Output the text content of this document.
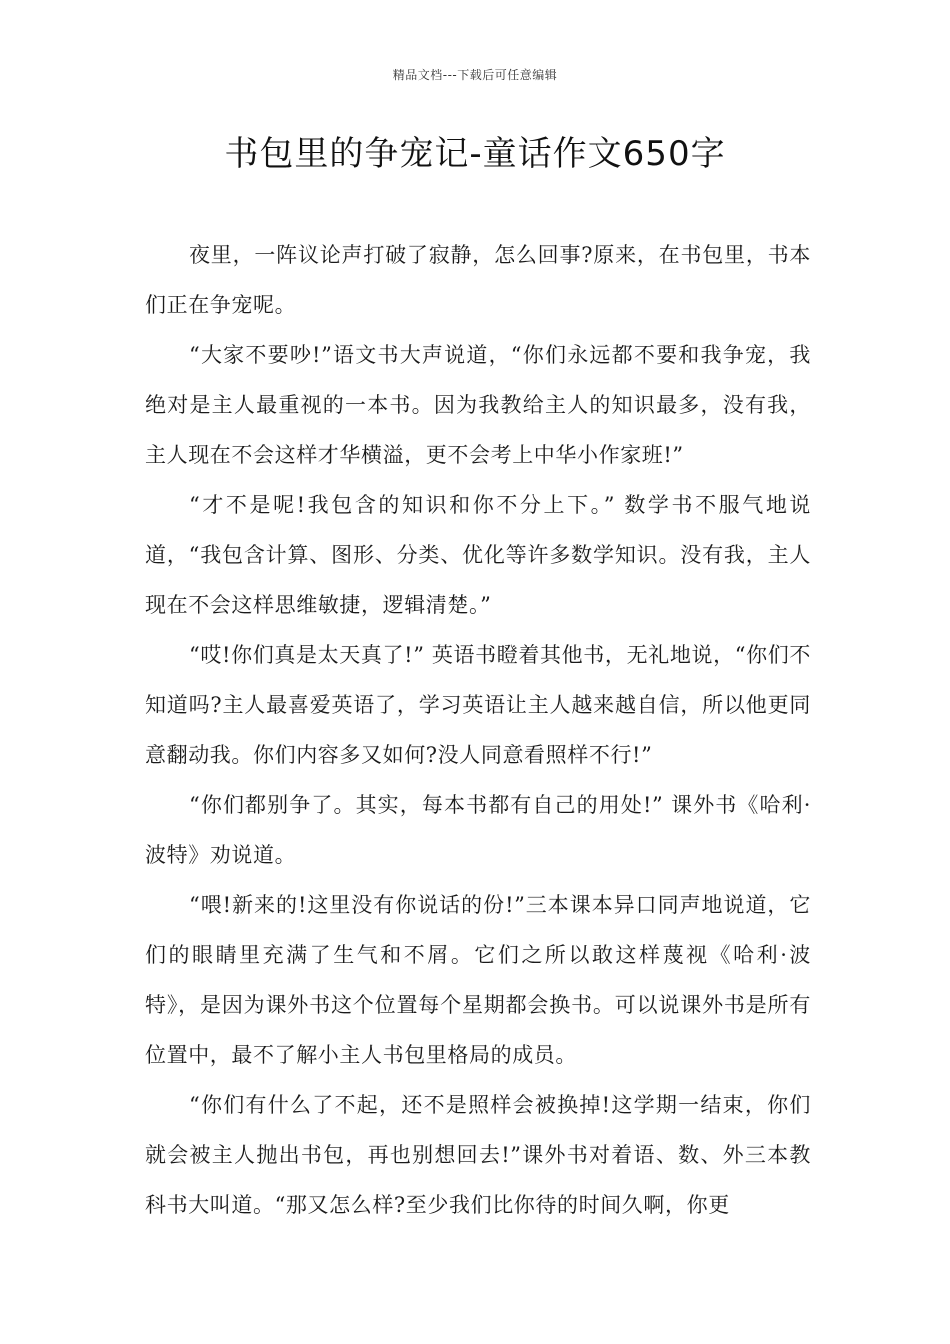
精品文档---下载后可任意编辑
书包里的争宠记-童话作文650字

夜里，一阵议论声打破了寂静，怎么回事?原来，在书包里，书本们正在争宠呢。

“大家不要吵!”语文书大声说道，“你们永远都不要和我争宠，我绝对是主人最重视的一本书。因为我教给主人的知识最多，没有我，主人现在不会这样才华横溢，更不会考上中华小作家班!”

“才不是呢!我包含的知识和你不分上下。” 数学书不服气地说道，“我包含计算、图形、分类、优化等许多数学知识。没有我，主人现在不会这样思维敏捷，逻辑清楚。”

“哎!你们真是太天真了!” 英语书瞪着其他书，无礼地说，“你们不知道吗?主人最喜爱英语了，学习英语让主人越来越自信，所以他更同意翻动我。你们内容多又如何?没人同意看照样不行!”

“你们都别争了。其实，每本书都有自己的用处!” 课外书《哈利·波特》劝说道。

“喂!新来的!这里没有你说话的份!”三本课本异口同声地说道，它们的眼睛里充满了生气和不屑。它们之所以敢这样蔑视《哈利·波特》，是因为课外书这个位置每个星期都会换书。可以说课外书是所有位置中，最不了解小主人书包里格局的成员。

“你们有什么了不起，还不是照样会被换掉!这学期一结束，你们就会被主人抛出书包，再也别想回去!”课外书对着语、数、外三本教科书大叫道。“那又怎么样?至少我们比你待的时间久啊，你更
